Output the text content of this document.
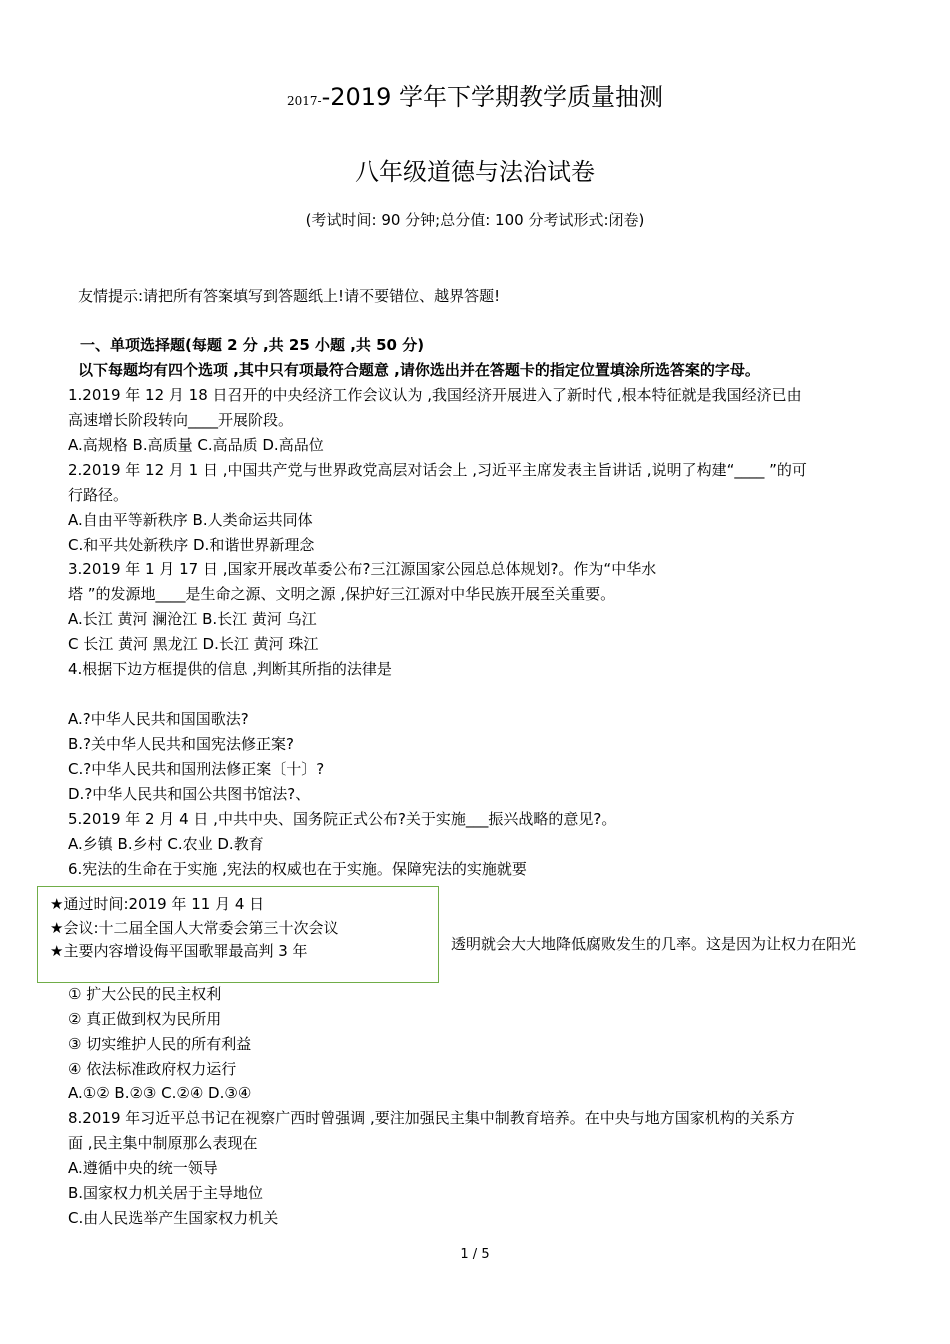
2017--2019 学年下学期教学质量抽测
八年级道德与法治试卷
(考试时间: 90 分钟;总分值: 100 分考试形式:闭卷)
友情提示:请把所有答案填写到答题纸上!请不要错位、越界答题!
一、单项选择题(每题 2 分 ,共 25 小题 ,共 50 分)
以下每题均有四个选项 ,其中只有项最符合题意 ,请你选出并在答题卡的指定位置填涂所选答案的字母。
1.2019 年 12 月 18 日召开的中央经济工作会议认为 ,我国经济开展进入了新时代 ,根本特征就是我国经济已由
高速增长阶段转向____开展阶段。
A.高规格 B.高质量 C.高品质 D.高品位
2.2019 年 12 月 1 日 ,中国共产党与世界政党高层对话会上 ,习近平主席发表主旨讲话 ,说明了构建“____ ”的可
行路径。
A.自由平等新秩序 B.人类命运共同体
C.和平共处新秩序 D.和谐世界新理念
3.2019 年 1 月 17 日 ,国家开展改革委公布?三江源国家公园总总体规划?。作为“中华水
塔 ”的发源地____是生命之源、文明之源 ,保护好三江源对中华民族开展至关重要。
A.长江 黄河 澜沧江 B.长江 黄河 乌江
C 长江 黄河 黑龙江 D.长江 黄河 珠江
4.根据下边方框提供的信息 ,判断其所指的法律是
A.?中华人民共和国国歌法?
B.?关中华人民共和国宪法修正案?
C.?中华人民共和国刑法修正案〔十〕?
D.?中华人民共和国公共图书馆法?、
5.2019 年 2 月 4 日 ,中共中央、国务院正式公布?关于实施___振兴战略的意见?。
A.乡镇 B.乡村 C.农业 D.教育
6.宪法的生命在于实施 ,宪法的权威也在于实施。保障宪法的实施就要
透明就会大大地降低腐败发生的几率。这是因为让权力在阳光
① 扩大公民的民主权利
② 真正做到权为民所用
③ 切实维护人民的所有利益
④ 依法标准政府权力运行
A.①② B.②③ C.②④ D.③④
8.2019 年习近平总书记在视察广西时曾强调 ,要注加强民主集中制教育培养。在中央与地方国家机构的关系方
面 ,民主集中制原那么表现在
A.遵循中央的统一领导
B.国家权力机关居于主导地位
C.由人民选举产生国家权力机关
★通过时间:2019 年 11 月 4 日
★会议:十二届全国人大常委会第三十次会议
★主要内容增设侮平国歌罪最高判 3 年
1 / 5
